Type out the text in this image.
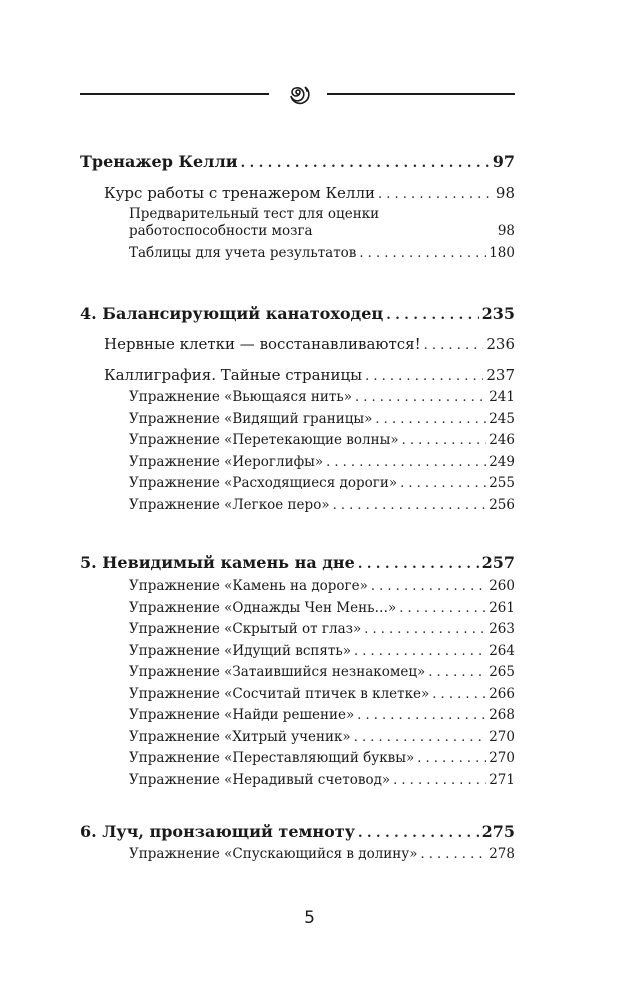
Тренажер Келли . . .	97
Курс работы с тренажером Келли . . .	98
Предварительный тест для оценки
работоспособности мозга	98
Таблицы для учета результатов . . .	180
4. Балансирующий канатоходец . . .	235
Нервные клетки — восстанавливаются! . . .	236
Каллиграфия. Тайные страницы . . .	237
Упражнение «Вьющаяся нить» . . .	241
Упражнение «Видящий границы» . . .	245
Упражнение «Перетекающие волны» . . .	246
Упражнение «Иероглифы» . . .	249
Упражнение «Расходящиеся дороги» . . .	255
Упражнение «Легкое перо» . . .	256
5. Невидимый камень на дне . . .	257
Упражнение «Камень на дороге» . . .	260
Упражнение «Однажды Чен Мень…» . . .	261
Упражнение «Скрытый от глаз» . . .	263
Упражнение «Идущий вспять» . . .	264
Упражнение «Затаившийся незнакомец» . . .	265
Упражнение «Сосчитай птичек в клетке» . . .	266
Упражнение «Найди решение» . . .	268
Упражнение «Хитрый ученик» . . .	270
Упражнение «Переставляющий буквы» . . .	270
Упражнение «Нерадивый счетовод» . . .	271
6. Луч, пронзающий темноту . . .	275
Упражнение «Спускающийся в долину» . . .	278
5
